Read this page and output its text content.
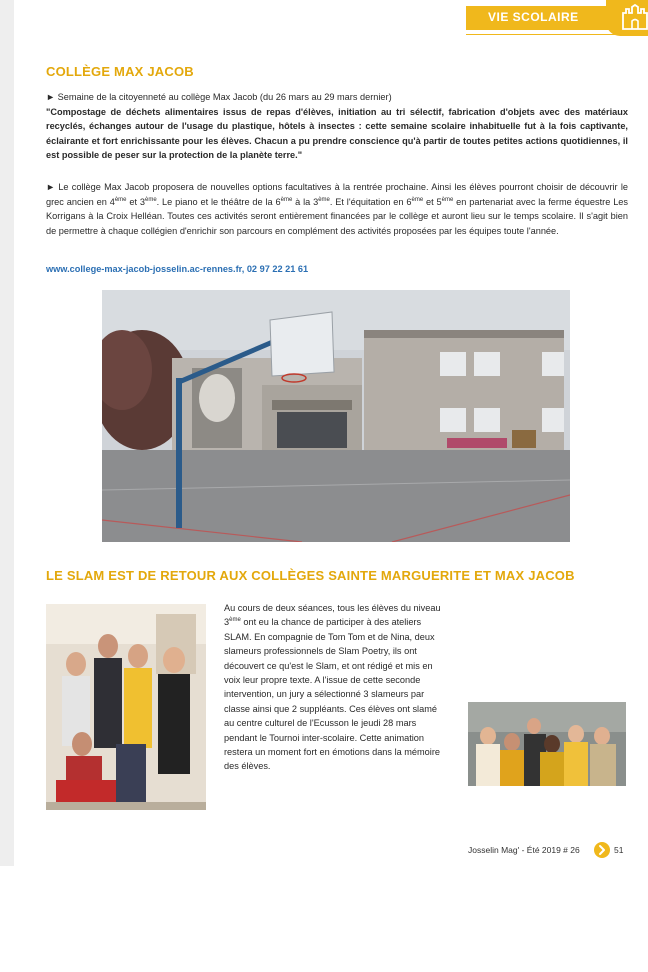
VIE SCOLAIRE
COLLÈGE MAX JACOB

► Semaine de la citoyenneté au collège Max Jacob (du 26 mars au 29 mars dernier)
"Compostage de déchets alimentaires issus de repas d'élèves, initiation au tri sélectif, fabrication d'objets avec des matériaux recyclés, échanges autour de l'usage du plastique, hôtels à insectes : cette semaine scolaire inhabituelle fut à la fois captivante, éclairante et fort enrichissante pour les élèves. Chacun a pu prendre conscience qu'à partir de toutes petites actions quotidiennes, il est possible de peser sur la protection de la planète terre."

► Le collège Max Jacob proposera de nouvelles options facultatives à la rentrée prochaine. Ainsi les élèves pourront choisir de découvrir le grec ancien en 4ème et 3ème. Le piano et le théâtre de la 6ème à la 3ème. Et l'équitation en 6ème et 5ème en partenariat avec la ferme équestre Les Korrigans à la Croix Helléan. Toutes ces activités seront entièrement financées par le collège et auront lieu sur le temps scolaire. Il s'agit bien de permettre à chaque collégien d'enrichir son parcours en complément des activités proposées par les équipes toute l'année.

www.college-max-jacob-josselin.ac-rennes.fr, 02 97 22 21 61
LE SLAM EST DE RETOUR AUX COLLÈGES SAINTE MARGUERITE ET MAX JACOB

Au cours de deux séances, tous les élèves du niveau 3ème ont eu la chance de participer à des ateliers SLAM. En compagnie de Tom Tom et de Nina, deux slameurs professionnels de Slam Poetry, ils ont découvert ce qu'est le Slam, et ont rédigé et mis en voix leur propre texte. A l'issue de cette seconde intervention, un jury a sélectionné 3 slameurs par classe ainsi que 2 suppléants. Ces élèves ont slamé au centre culturel de l'Ecusson le jeudi 28 mars pendant le Tournoi inter-scolaire. Cette animation restera un moment fort en émotions dans la mémoire des élèves.

Josselin Mag' - Été 2019 # 26	51
